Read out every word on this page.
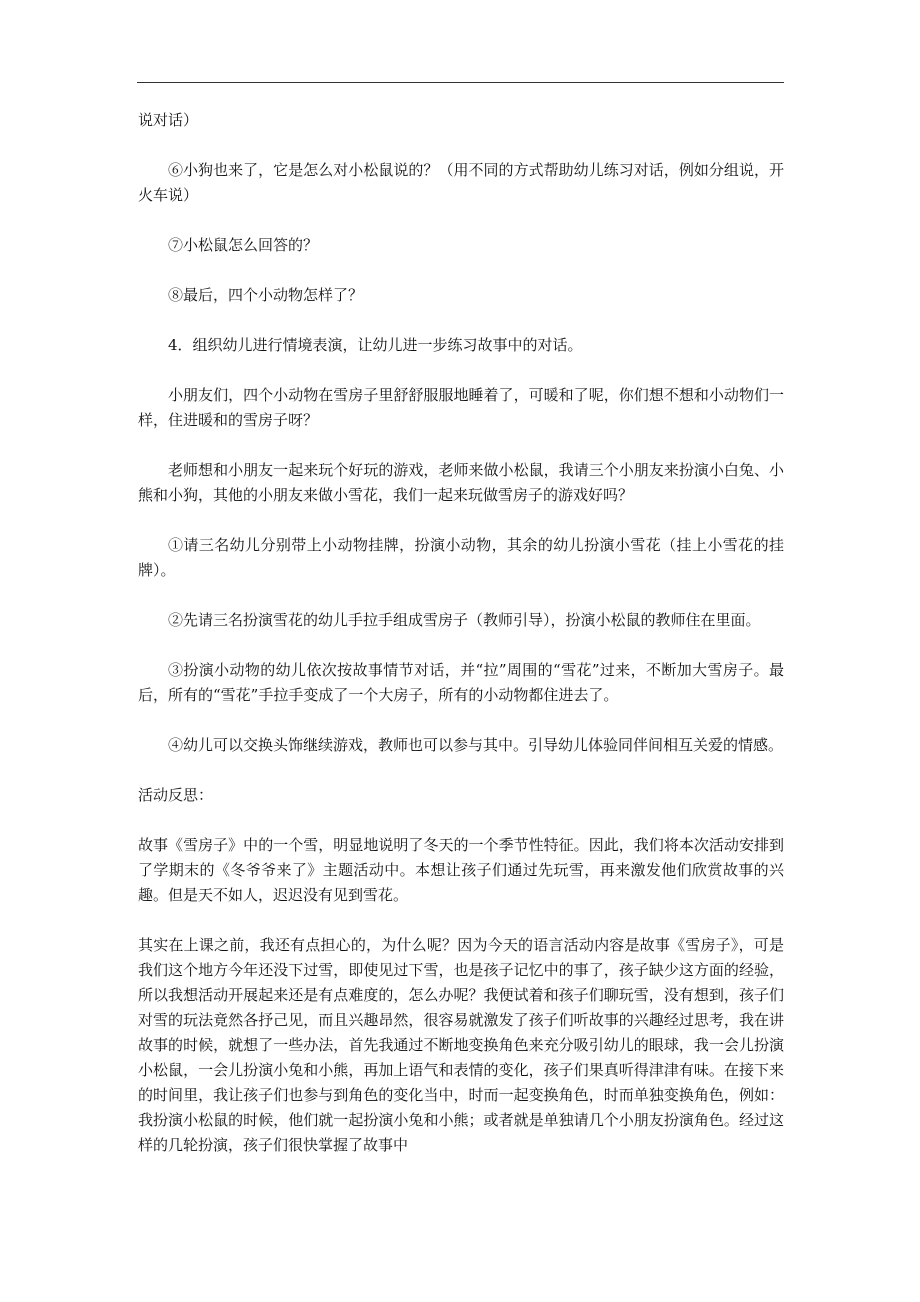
说对话）

⑥小狗也来了，它是怎么对小松鼠说的？（用不同的方式帮助幼儿练习对话，例如分组说，开火车说）

⑦小松鼠怎么回答的？

⑧最后，四个小动物怎样了？

4．组织幼儿进行情境表演，让幼儿进一步练习故事中的对话。

小朋友们，四个小动物在雪房子里舒舒服服地睡着了，可暖和了呢，你们想不想和小动物们一样，住进暖和的雪房子呀？

老师想和小朋友一起来玩个好玩的游戏，老师来做小松鼠，我请三个小朋友来扮演小白兔、小熊和小狗，其他的小朋友来做小雪花，我们一起来玩做雪房子的游戏好吗？

①请三名幼儿分别带上小动物挂牌，扮演小动物，其余的幼儿扮演小雪花（挂上小雪花的挂牌）。

②先请三名扮演雪花的幼儿手拉手组成雪房子（教师引导），扮演小松鼠的教师住在里面。

③扮演小动物的幼儿依次按故事情节对话，并“拉”周围的“雪花”过来，不断加大雪房子。最后，所有的“雪花”手拉手变成了一个大房子，所有的小动物都住进去了。

④幼儿可以交换头饰继续游戏，教师也可以参与其中。引导幼儿体验同伴间相互关爱的情感。

活动反思：

故事《雪房子》中的一个雪，明显地说明了冬天的一个季节性特征。因此，我们将本次活动安排到了学期末的《冬爷爷来了》主题活动中。本想让孩子们通过先玩雪，再来激发他们欣赏故事的兴趣。但是天不如人，迟迟没有见到雪花。

其实在上课之前，我还有点担心的，为什么呢？因为今天的语言活动内容是故事《雪房子》，可是我们这个地方今年还没下过雪，即使见过下雪，也是孩子记忆中的事了，孩子缺少这方面的经验，所以我想活动开展起来还是有点难度的，怎么办呢？我便试着和孩子们聊玩雪，没有想到，孩子们对雪的玩法竟然各抒己见，而且兴趣昂然，很容易就激发了孩子们听故事的兴趣经过思考，我在讲故事的时候，就想了一些办法，首先我通过不断地变换角色来充分吸引幼儿的眼球，我一会儿扮演小松鼠，一会儿扮演小兔和小熊，再加上语气和表情的变化，孩子们果真听得津津有味。在接下来的时间里，我让孩子们也参与到角色的变化当中，时而一起变换角色，时而单独变换角色，例如：我扮演小松鼠的时候，他们就一起扮演小兔和小熊；或者就是单独请几个小朋友扮演角色。经过这样的几轮扮演，孩子们很快掌握了故事中
